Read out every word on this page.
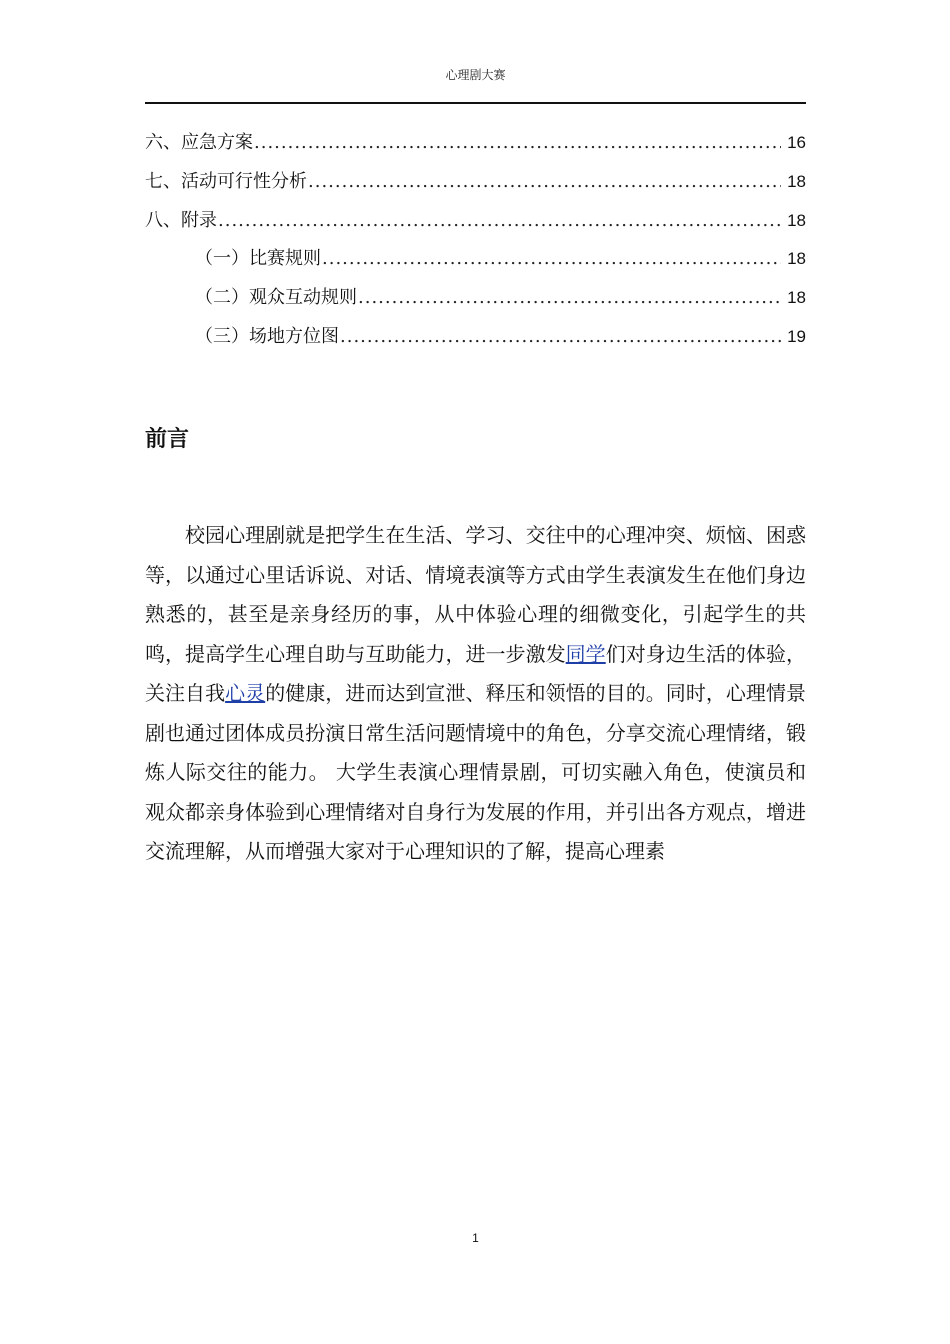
心理剧大赛
六、应急方案 .....	16
七、活动可行性分析 .....	18
八、附录 .....	18
（一）比赛规则 .....	18
（二）观众互动规则 .....	18
（三）场地方位图 .....	19
前言

校园心理剧就是把学生在生活、学习、交往中的心理冲突、烦恼、困惑等，以通过心里话诉说、对话、情境表演等方式由学生表演发生在他们身边熟悉的，甚至是亲身经历的事，从中体验心理的细微变化，引起学生的共鸣，提高学生心理自助与互助能力，进一步激发同学们对身边生活的体验，关注自我心灵的健康，进而达到宣泄、释压和领悟的目的。同时，心理情景剧也通过团体成员扮演日常生活问题情境中的角色，分享交流心理情绪，锻炼人际交往的能力。 大学生表演心理情景剧，可切实融入角色，使演员和观众都亲身体验到心理情绪对自身行为发展的作用，并引出各方观点，增进交流理解，从而增强大家对于心理知识的了解，提高心理素

1
